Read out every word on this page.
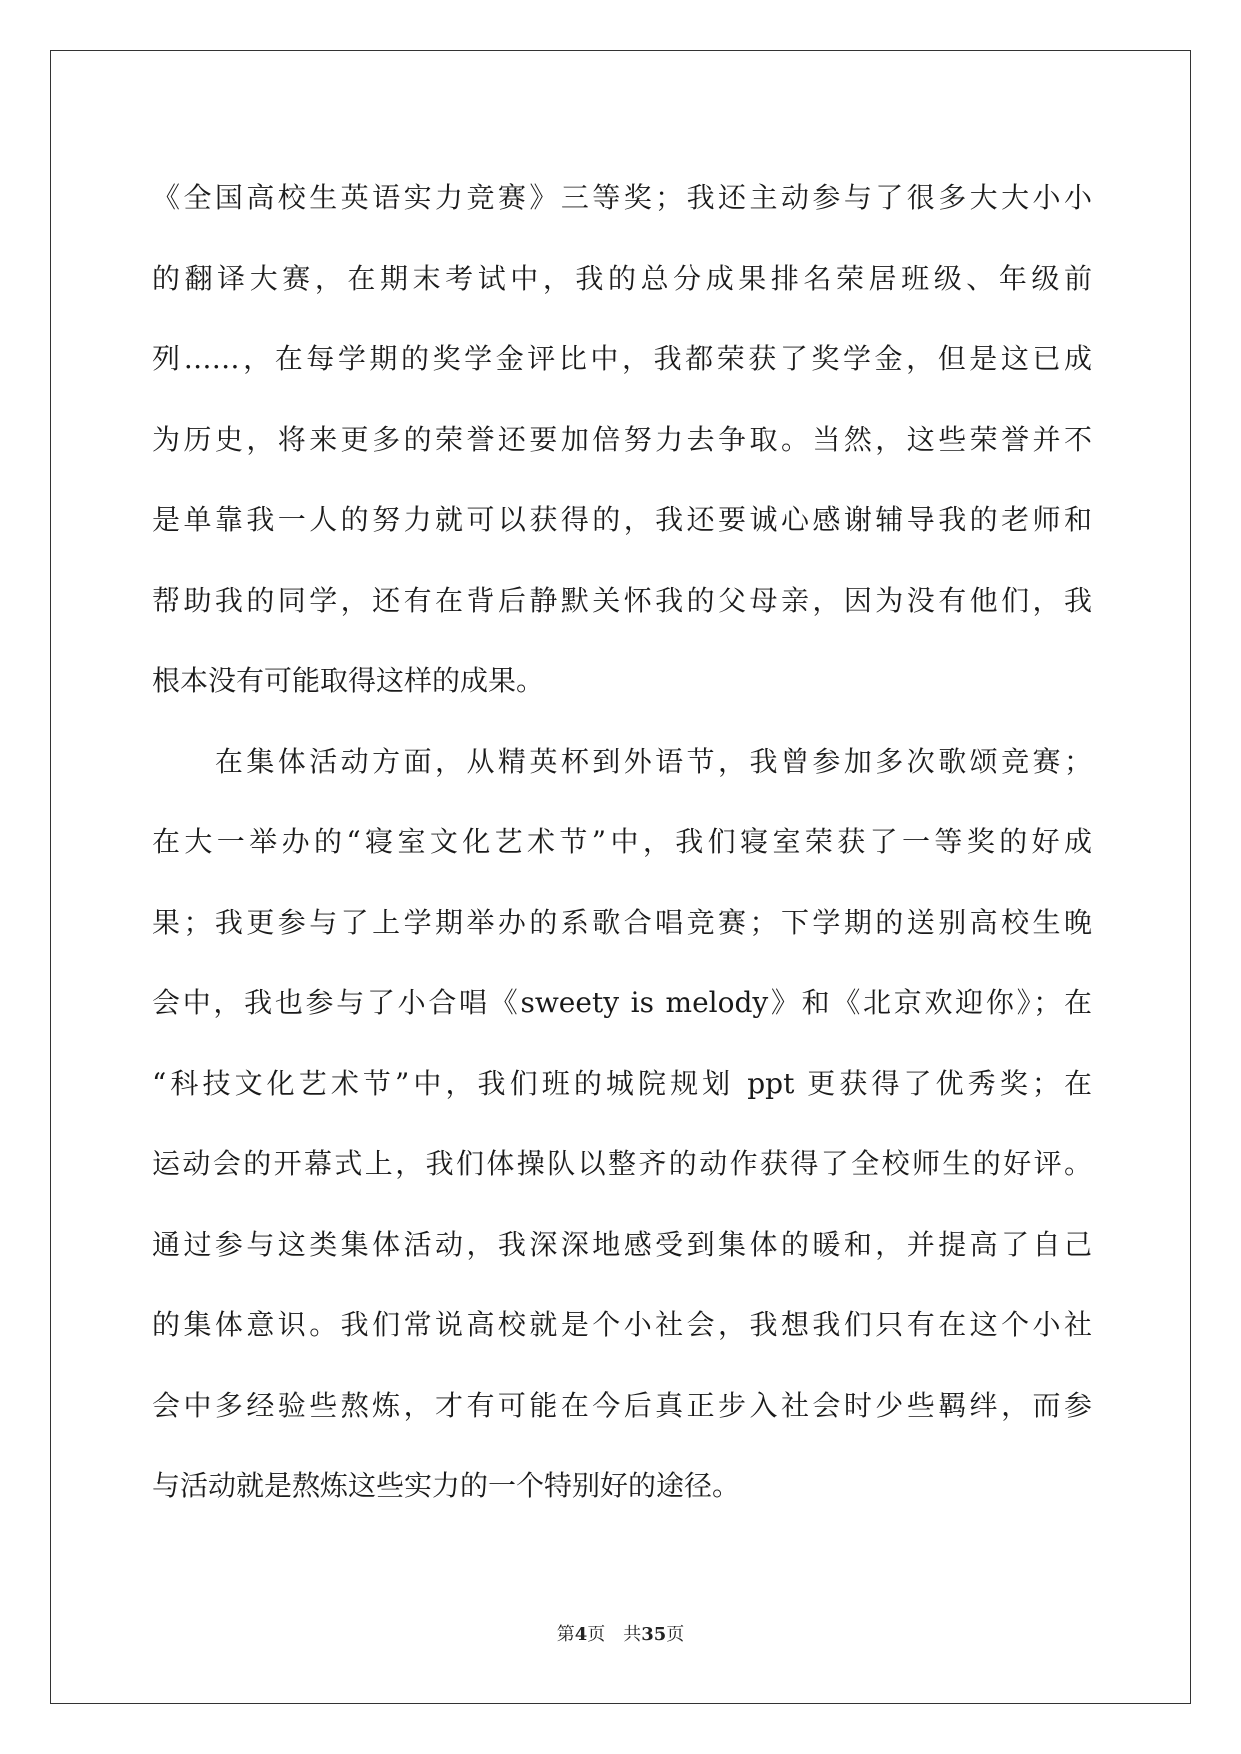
《全国高校生英语实力竞赛》三等奖；我还主动参与了很多大大小小
的翻译大赛，在期末考试中，我的总分成果排名荣居班级、年级前
列……，在每学期的奖学金评比中，我都荣获了奖学金，但是这已成
为历史，将来更多的荣誉还要加倍努力去争取。当然，这些荣誉并不
是单靠我一人的努力就可以获得的，我还要诚心感谢辅导我的老师和
帮助我的同学，还有在背后静默关怀我的父母亲，因为没有他们，我
根本没有可能取得这样的成果。
　　在集体活动方面，从精英杯到外语节，我曾参加多次歌颂竞赛；
在大一举办的“寝室文化艺术节”中，我们寝室荣获了一等奖的好成
果；我更参与了上学期举办的系歌合唱竞赛；下学期的送别高校生晚
会中，我也参与了小合唱《sweety is melody》和《北京欢迎你》；在
“科技文化艺术节”中，我们班的城院规划 ppt 更获得了优秀奖；在
运动会的开幕式上，我们体操队以整齐的动作获得了全校师生的好评。
通过参与这类集体活动，我深深地感受到集体的暖和，并提高了自己
的集体意识。我们常说高校就是个小社会，我想我们只有在这个小社
会中多经验些熬炼，才有可能在今后真正步入社会时少些羁绊，而参
与活动就是熬炼这些实力的一个特别好的途径。
第4页 共35页
